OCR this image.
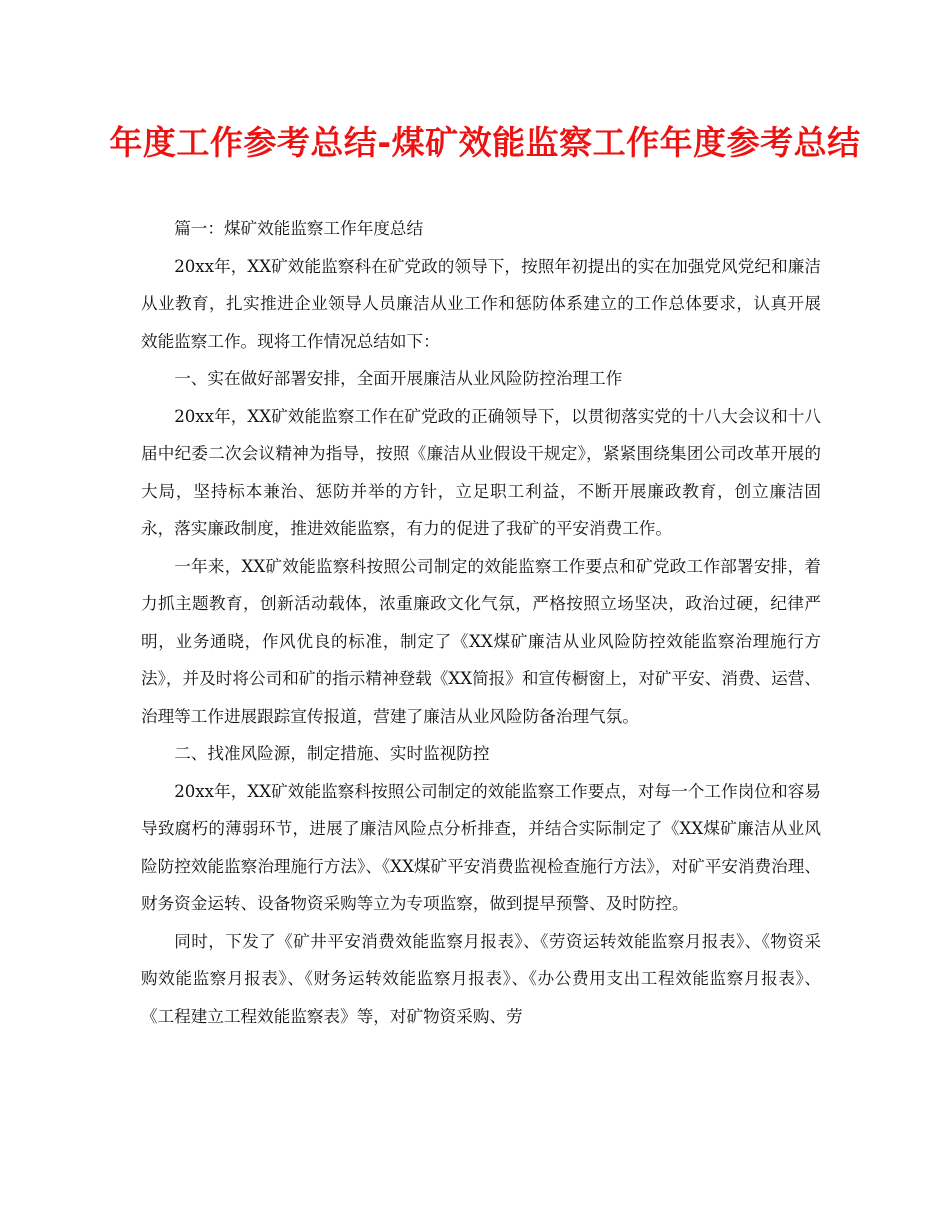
年度工作参考总结-煤矿效能监察工作年度参考总结

篇一：煤矿效能监察工作年度总结

20xx年，XX矿效能监察科在矿党政的领导下，按照年初提出的实在加强党风党纪和廉洁从业教育，扎实推进企业领导人员廉洁从业工作和惩防体系建立的工作总体要求，认真开展效能监察工作。现将工作情况总结如下：

一、实在做好部署安排，全面开展廉洁从业风险防控治理工作

20xx年，XX矿效能监察工作在矿党政的正确领导下，以贯彻落实党的十八大会议和十八届中纪委二次会议精神为指导，按照《廉洁从业假设干规定》，紧紧围绕集团公司改革开展的大局，坚持标本兼治、惩防并举的方针，立足职工利益，不断开展廉政教育，创立廉洁固永，落实廉政制度，推进效能监察，有力的促进了我矿的平安消费工作。

一年来，XX矿效能监察科按照公司制定的效能监察工作要点和矿党政工作部署安排，着力抓主题教育，创新活动载体，浓重廉政文化气氛，严格按照立场坚决，政治过硬，纪律严明，业务通晓，作风优良的标准，制定了《XX煤矿廉洁从业风险防控效能监察治理施行方法》，并及时将公司和矿的指示精神登载《XX简报》和宣传橱窗上，对矿平安、消费、运营、治理等工作进展跟踪宣传报道，营建了廉洁从业风险防备治理气氛。

二、找准风险源，制定措施、实时监视防控

20xx年，XX矿效能监察科按照公司制定的效能监察工作要点，对每一个工作岗位和容易导致腐朽的薄弱环节，进展了廉洁风险点分析排查，并结合实际制定了《XX煤矿廉洁从业风险防控效能监察治理施行方法》、《XX煤矿平安消费监视检查施行方法》，对矿平安消费治理、财务资金运转、设备物资采购等立为专项监察，做到提早预警、及时防控。

同时，下发了《矿井平安消费效能监察月报表》、《劳资运转效能监察月报表》、《物资采购效能监察月报表》、《财务运转效能监察月报表》、《办公费用支出工程效能监察月报表》、《工程建立工程效能监察表》等，对矿物资采购、劳
